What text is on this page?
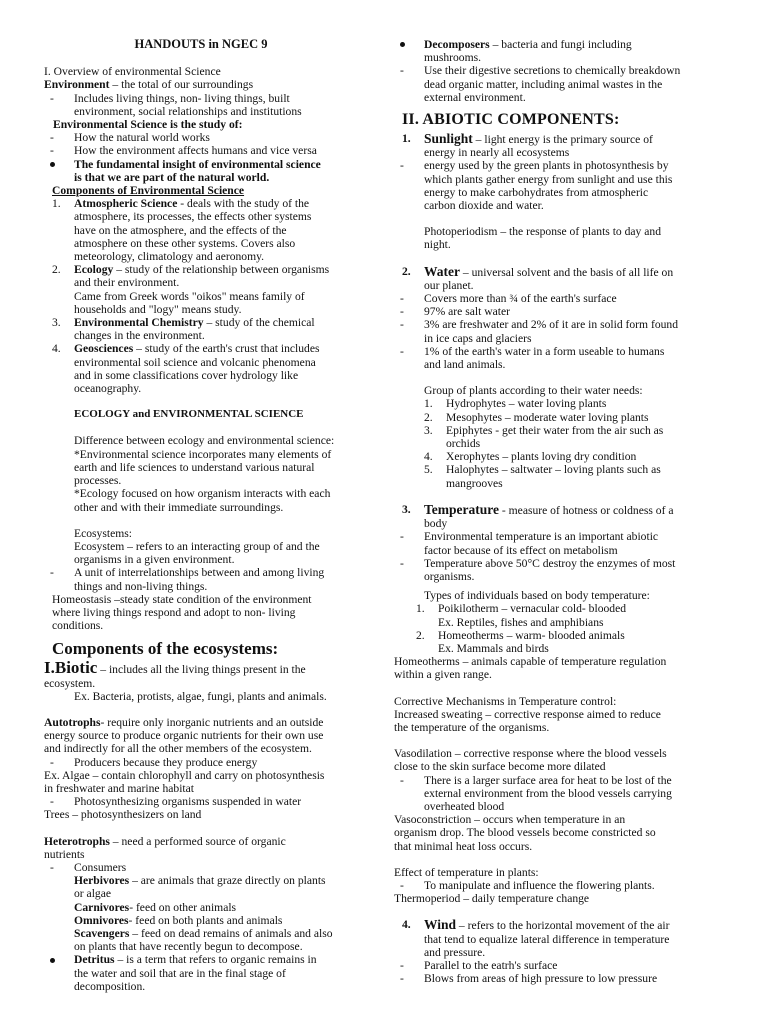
HANDOUTS in NGEC 9
I. Overview of environmental Science
Environment – the total of our surroundings
-	Includes living things, non- living things, built
environment, social relationships and institutions
Environmental Science is the study of:
-	How the natural world works
-	How the environment affects humans and vice versa
The fundamental insight of environmental science
is that we are part of the natural world.
Components of Environmental Science
1.	Atmospheric Science - deals with the study of the
atmosphere, its processes, the effects other systems
have on the atmosphere, and the effects of the
atmosphere on these other systems. Covers also
meteorology, climatology and aeronomy.
2.	Ecology – study of the relationship between organisms
and their environment.
Came from Greek words "oikos" means family of
households and "logy" means study.
3.	Environmental Chemistry – study of the chemical
changes in the environment.
4.	Geosciences – study of the earth's crust that includes
environmental soil science and volcanic phenomena
and in some classifications cover hydrology like
oceanography.
ECOLOGY and ENVIRONMENTAL SCIENCE
Difference between ecology and environmental science:
*Environmental science incorporates many elements of
earth and life sciences to understand various natural
processes.
*Ecology focused on how organism interacts with each
other and with their immediate surroundings.
Ecosystems:
Ecosystem – refers to an interacting group of and the
organisms in a given environment.
-	A unit of interrelationships between and among living
things and non-living things.
Homeostasis –steady state condition of the environment
where living things respond and adopt to non- living
conditions.
Components of the ecosystems:
I.Biotic – includes all the living things present in the
ecosystem.
Ex. Bacteria, protists, algae, fungi, plants and animals.
Autotrophs- require only inorganic nutrients and an outside
energy source to produce organic nutrients for their own use
and indirectly for all the other members of the ecosystem.
-	Producers because they produce energy
Ex. Algae – contain chlorophyll and carry on photosynthesis
in freshwater and marine habitat
-	Photosynthesizing organisms suspended in water
Trees – photosynthesizers on land
Heterotrophs – need a performed source of organic
nutrients
-	Consumers
Herbivores – are animals that graze directly on plants
or algae
Carnivores- feed on other animals
Omnivores- feed on both plants and animals
Scavengers – feed on dead remains of animals and also
on plants that have recently begun to decompose.
Detritus – is a term that refers to organic remains in
the water and soil that are in the final stage of
decomposition.
Decomposers – bacteria and fungi including
mushrooms.
-	Use their digestive secretions to chemically breakdown
dead organic matter, including animal wastes in the
external environment.
II. ABIOTIC COMPONENTS:
1. Sunlight – light energy is the primary source of
energy in nearly all ecosystems
-	energy used by the green plants in photosynthesis by
which plants gather energy from sunlight and use this
energy to make carbohydrates from atmospheric
carbon dioxide and water.
Photoperiodism – the response of plants to day and
night.
2. Water – universal solvent and the basis of all life on
our planet.
-	Covers more than ¾ of the earth's surface
-	97% are salt water
-	3% are freshwater and 2% of it are in solid form found
in ice caps and glaciers
-	1% of the earth's water in a form useable to humans
and land animals.
Group of plants according to their water needs:
1.	Hydrophytes – water loving plants
2.	Mesophytes – moderate water loving plants
3.	Epiphytes - get their water from the air such as
orchids
4.	Xerophytes – plants loving dry condition
5.	Halophytes – saltwater – loving plants such as
mangrooves
3. Temperature - measure of hotness or coldness of a
body
-	Environmental temperature is an important abiotic
factor because of its effect on metabolism
-	Temperature above 50°C destroy the enzymes of most
organisms.
Types of individuals based on body temperature:
1.	Poikilotherm – vernacular cold- blooded
Ex. Reptiles, fishes and amphibians
2.	Homeotherms – warm- blooded animals
Ex. Mammals and birds
Homeotherms – animals capable of temperature regulation
within a given range.
Corrective Mechanisms in Temperature control:
Increased sweating – corrective response aimed to reduce
the temperature of the organisms.
Vasodilation – corrective response where the blood vessels
close to the skin surface become more dilated
-	There is a larger surface area for heat to be lost of the
external environment from the blood vessels carrying
overheated blood
Vasoconstriction – occurs when temperature in an
organism drop. The blood vessels become constricted so
that minimal heat loss occurs.
Effect of temperature in plants:
-	To manipulate and influence the flowering plants.
Thermoperiod – daily temperature change
4. Wind – refers to the horizontal movement of the air
that tend to equalize lateral difference in temperature
and pressure.
-	Parallel to the eatrh's surface
-	Blows from areas of high pressure to low pressure
